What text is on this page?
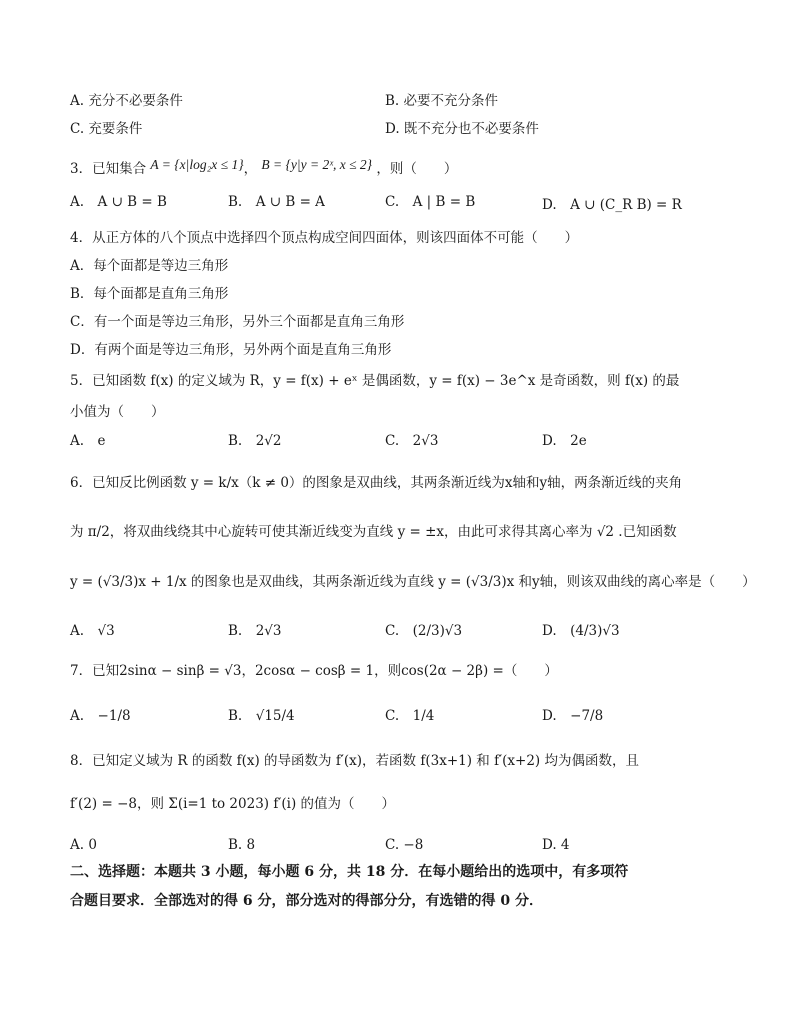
A. 充分不必要条件	B. 必要不充分条件
C. 充要条件	D. 既不充分也不必要条件
3．已知集合 A = {x|log₂x ≤ 1}， B = {y|y = 2ˣ, x ≤ 2} ，则（　　）
A.　A ∪ B = B	B.　A ∪ B = A	C.　A | B = B	D.　A ∪ (C_R B) = R
4．从正方体的八个顶点中选择四个顶点构成空间四面体，则该四面体不可能（　　）
A．每个面都是等边三角形
B．每个面都是直角三角形
C．有一个面是等边三角形，另外三个面都是直角三角形
D．有两个面是等边三角形，另外两个面是直角三角形
5．已知函数 f(x) 的定义域为 R，y = f(x) + eˣ 是偶函数，y = f(x) − 3e^x 是奇函数，则 f(x) 的最
小值为（　　）
A.　e	B.　2√2	C.　2√3	D.　2e
6．已知反比例函数 y = k/x（k ≠ 0）的图象是双曲线，其两条渐近线为x轴和y轴，两条渐近线的夹角
为 π/2，将双曲线绕其中心旋转可使其渐近线变为直线 y = ±x，由此可求得其离心率为 √2 .已知函数
y = (√3/3)x + 1/x 的图象也是双曲线，其两条渐近线为直线 y = (√3/3)x 和y轴，则该双曲线的离心率是（　　）
A.　√3	B.　2√3	C.　(2/3)√3	D.　(4/3)√3
7．已知2sinα − sinβ = √3，2cosα − cosβ = 1，则cos(2α − 2β) =（　　）
A.　−1/8	B.　√15/4	C.　1/4	D.　−7/8
8．已知定义域为 R 的函数 f(x) 的导函数为 f′(x)，若函数 f(3x+1) 和 f′(x+2) 均为偶函数，且
f′(2) = −8，则 Σ(i=1 to 2023) f′(i) 的值为（　　）
A. 0	B. 8	C. −8	D. 4
二、选择题：本题共 3 小题，每小题 6 分，共 18 分．在每小题给出的选项中，有多项符
合题目要求．全部选对的得 6 分，部分选对的得部分分，有选错的得 0 分．
